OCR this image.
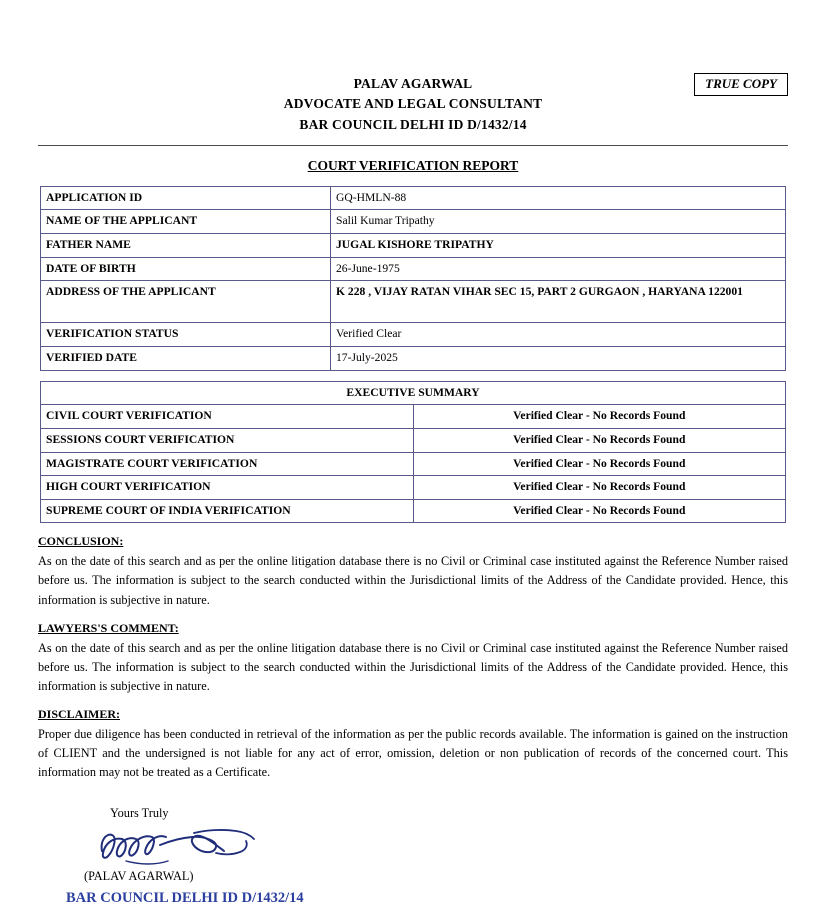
TRUE COPY
PALAV AGARWAL
ADVOCATE AND LEGAL CONSULTANT
BAR COUNCIL DELHI ID D/1432/14
COURT VERIFICATION REPORT
APPLICATION ID	GQ-HMLN-88
NAME OF THE APPLICANT	Salil Kumar Tripathy
FATHER NAME	JUGAL KISHORE TRIPATHY
DATE OF BIRTH	26-June-1975
ADDRESS OF THE APPLICANT	K 228 , VIJAY RATAN VIHAR SEC 15, PART 2 GURGAON , HARYANA 122001
VERIFICATION STATUS	Verified Clear
VERIFIED DATE	17-July-2025
EXECUTIVE SUMMARY	
CIVIL COURT VERIFICATION	Verified Clear - No Records Found
SESSIONS COURT VERIFICATION	Verified Clear - No Records Found
MAGISTRATE COURT VERIFICATION	Verified Clear - No Records Found
HIGH COURT VERIFICATION	Verified Clear - No Records Found
SUPREME COURT OF INDIA VERIFICATION	Verified Clear - No Records Found
CONCLUSION:
As on the date of this search and as per the online litigation database there is no Civil or Criminal case instituted against the Reference Number raised before us. The information is subject to the search conducted within the Jurisdictional limits of the Address of the Candidate provided. Hence, this information is subjective in nature.
LAWYERS'S COMMENT:
As on the date of this search and as per the online litigation database there is no Civil or Criminal case instituted against the Reference Number raised before us. The information is subject to the search conducted within the Jurisdictional limits of the Address of the Candidate provided. Hence, this information is subjective in nature.
DISCLAIMER:
Proper due diligence has been conducted in retrieval of the information as per the public records available. The information is gained on the instruction of CLIENT and the undersigned is not liable for any act of error, omission, deletion or non publication of records of the concerned court. This information may not be treated as a Certificate.
Yours Truly
(PALAV AGARWAL)
BAR COUNCIL DELHI ID D/1432/14
